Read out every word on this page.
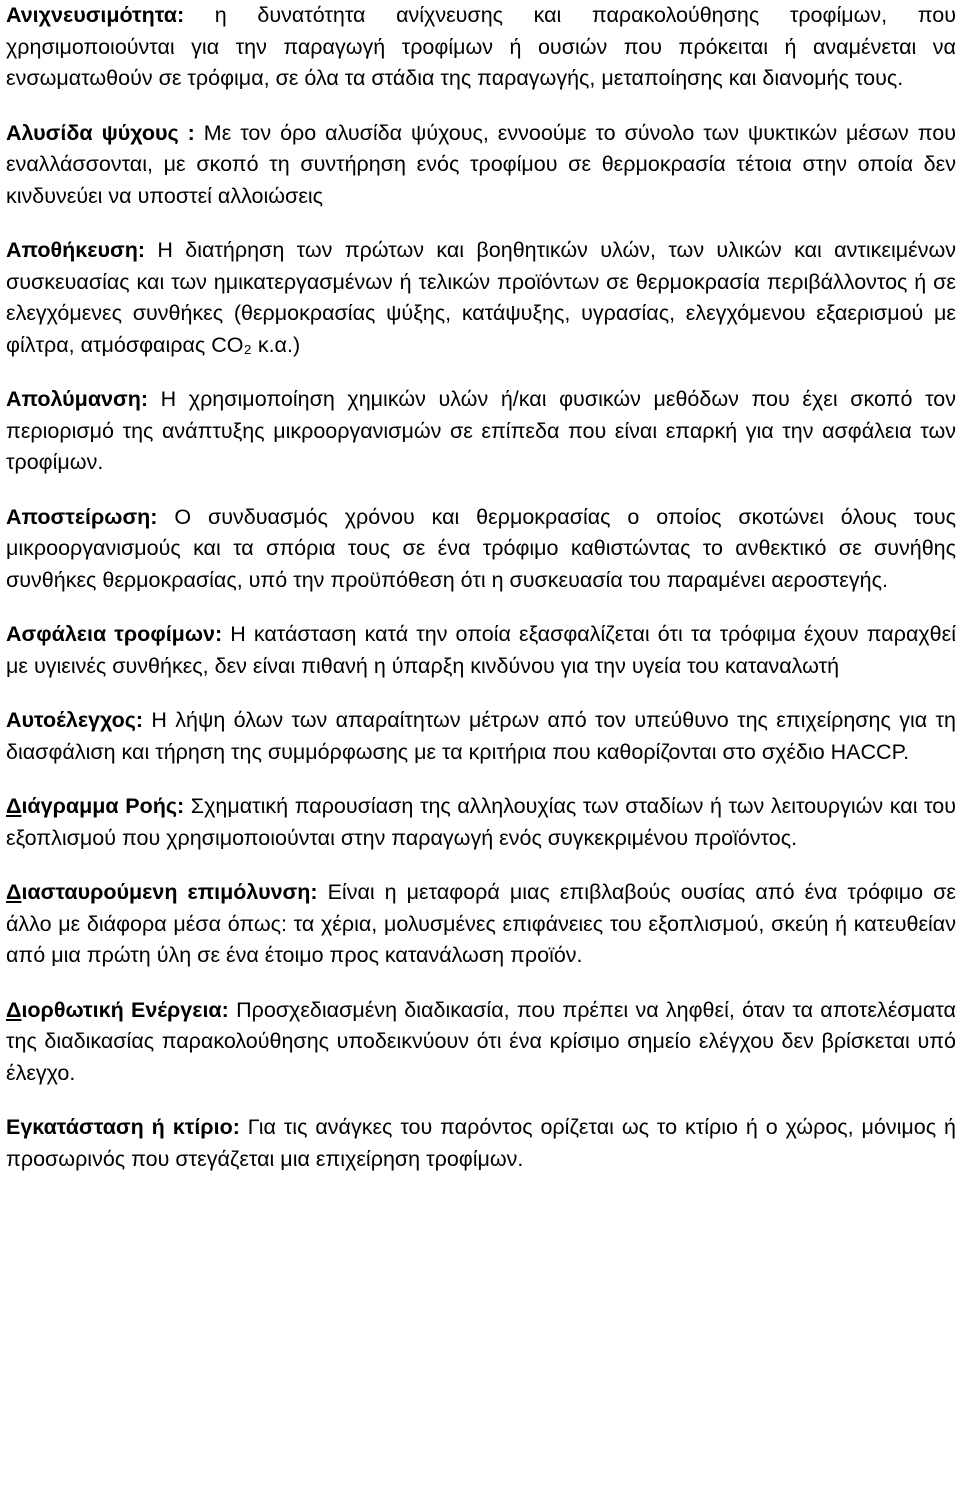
Ανιχνευσιμότητα: η δυνατότητα ανίχνευσης και παρακολούθησης τροφίμων, που χρησιμοποιούνται για την παραγωγή τροφίμων ή ουσιών που πρόκειται ή αναμένεται να ενσωματωθούν σε τρόφιμα, σε όλα τα στάδια της παραγωγής, μεταποίησης και διανομής τους.

Αλυσίδα ψύχους : Με τον όρο αλυσίδα ψύχους, εννοούμε το σύνολο των ψυκτικών μέσων που εναλλάσσονται, με σκοπό τη συντήρηση ενός τροφίμου σε θερμοκρασία τέτοια στην οποία δεν κινδυνεύει να υποστεί αλλοιώσεις

Αποθήκευση: Η διατήρηση των πρώτων και βοηθητικών υλών, των υλικών και αντικειμένων συσκευασίας και των ημικατεργασμένων ή τελικών προϊόντων σε θερμοκρασία περιβάλλοντος ή σε ελεγχόμενες συνθήκες (θερμοκρασίας ψύξης, κατάψυξης, υγρασίας, ελεγχόμενου εξαερισμού με φίλτρα, ατμόσφαιρας CO₂ κ.α.)

Απολύμανση: Η χρησιμοποίηση χημικών υλών ή/και φυσικών μεθόδων που έχει σκοπό τον περιορισμό της ανάπτυξης μικροοργανισμών σε επίπεδα που είναι επαρκή για την ασφάλεια των τροφίμων.

Αποστείρωση: Ο συνδυασμός χρόνου και θερμοκρασίας ο οποίος σκοτώνει όλους τους μικροοργανισμούς και τα σπόρια τους σε ένα τρόφιμο καθιστώντας το ανθεκτικό σε συνήθης συνθήκες θερμοκρασίας, υπό την προϋπόθεση ότι η συσκευασία του παραμένει αεροστεγής.

Ασφάλεια τροφίμων: Η κατάσταση κατά την οποία εξασφαλίζεται ότι τα τρόφιμα έχουν παραχθεί με υγιεινές συνθήκες, δεν είναι πιθανή η ύπαρξη κινδύνου για την υγεία του καταναλωτή

Αυτοέλεγχος: Η λήψη όλων των απαραίτητων μέτρων από τον υπεύθυνο της επιχείρησης για τη διασφάλιση και τήρηση της συμμόρφωσης με τα κριτήρια που καθορίζονται στο σχέδιο HACCP.

Διάγραμμα Ροής: Σχηματική παρουσίαση της αλληλουχίας των σταδίων ή των λειτουργιών και του εξοπλισμού που χρησιμοποιούνται στην παραγωγή ενός συγκεκριμένου προϊόντος.

Διασταυρούμενη επιμόλυνση: Είναι η μεταφορά μιας επιβλαβούς ουσίας από ένα τρόφιμο σε άλλο με διάφορα μέσα όπως: τα χέρια, μολυσμένες επιφάνειες του εξοπλισμού, σκεύη ή κατευθείαν από μια πρώτη ύλη σε ένα έτοιμο προς κατανάλωση προϊόν.

Διορθωτική Ενέργεια: Προσχεδιασμένη διαδικασία, που πρέπει να ληφθεί, όταν τα αποτελέσματα της διαδικασίας παρακολούθησης υποδεικνύουν ότι ένα κρίσιμο σημείο ελέγχου δεν βρίσκεται υπό έλεγχο.

Εγκατάσταση ή κτίριο: Για τις ανάγκες του παρόντος ορίζεται ως το κτίριο ή ο χώρος, μόνιμος ή προσωρινός που στεγάζεται μια επιχείρηση τροφίμων.
